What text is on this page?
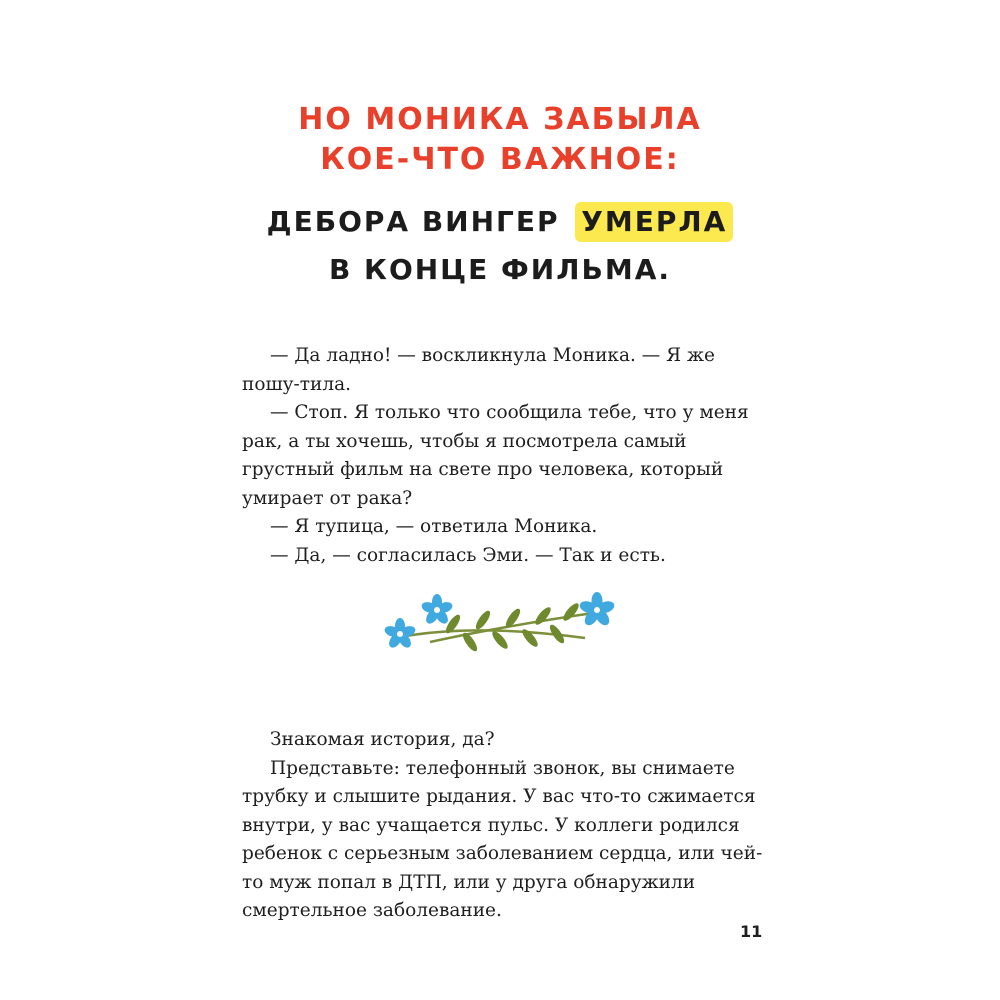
НО МОНИКА ЗАБЫЛА
КОЕ-ЧТО ВАЖНОЕ:
ДЕБОРА ВИНГЕР УМЕРЛА
В КОНЦЕ ФИЛЬМА.

— Да ладно! — воскликнула Моника. — Я же пошу-тила.

— Стоп. Я только что сообщила тебе, что у меня рак, а ты хочешь, чтобы я посмотрела самый грустный фильм на свете про человека, который умирает от рака?

— Я тупица, — ответила Моника.

— Да, — согласилась Эми. — Так и есть.

Знакомая история, да?

Представьте: телефонный звонок, вы снимаете трубку и слышите рыдания. У вас что-то сжимается внутри, у вас учащается пульс. У коллеги родился ребенок с серьезным заболеванием сердца, или чей-то муж попал в ДТП, или у друга обнаружили смертельное заболевание.

11
